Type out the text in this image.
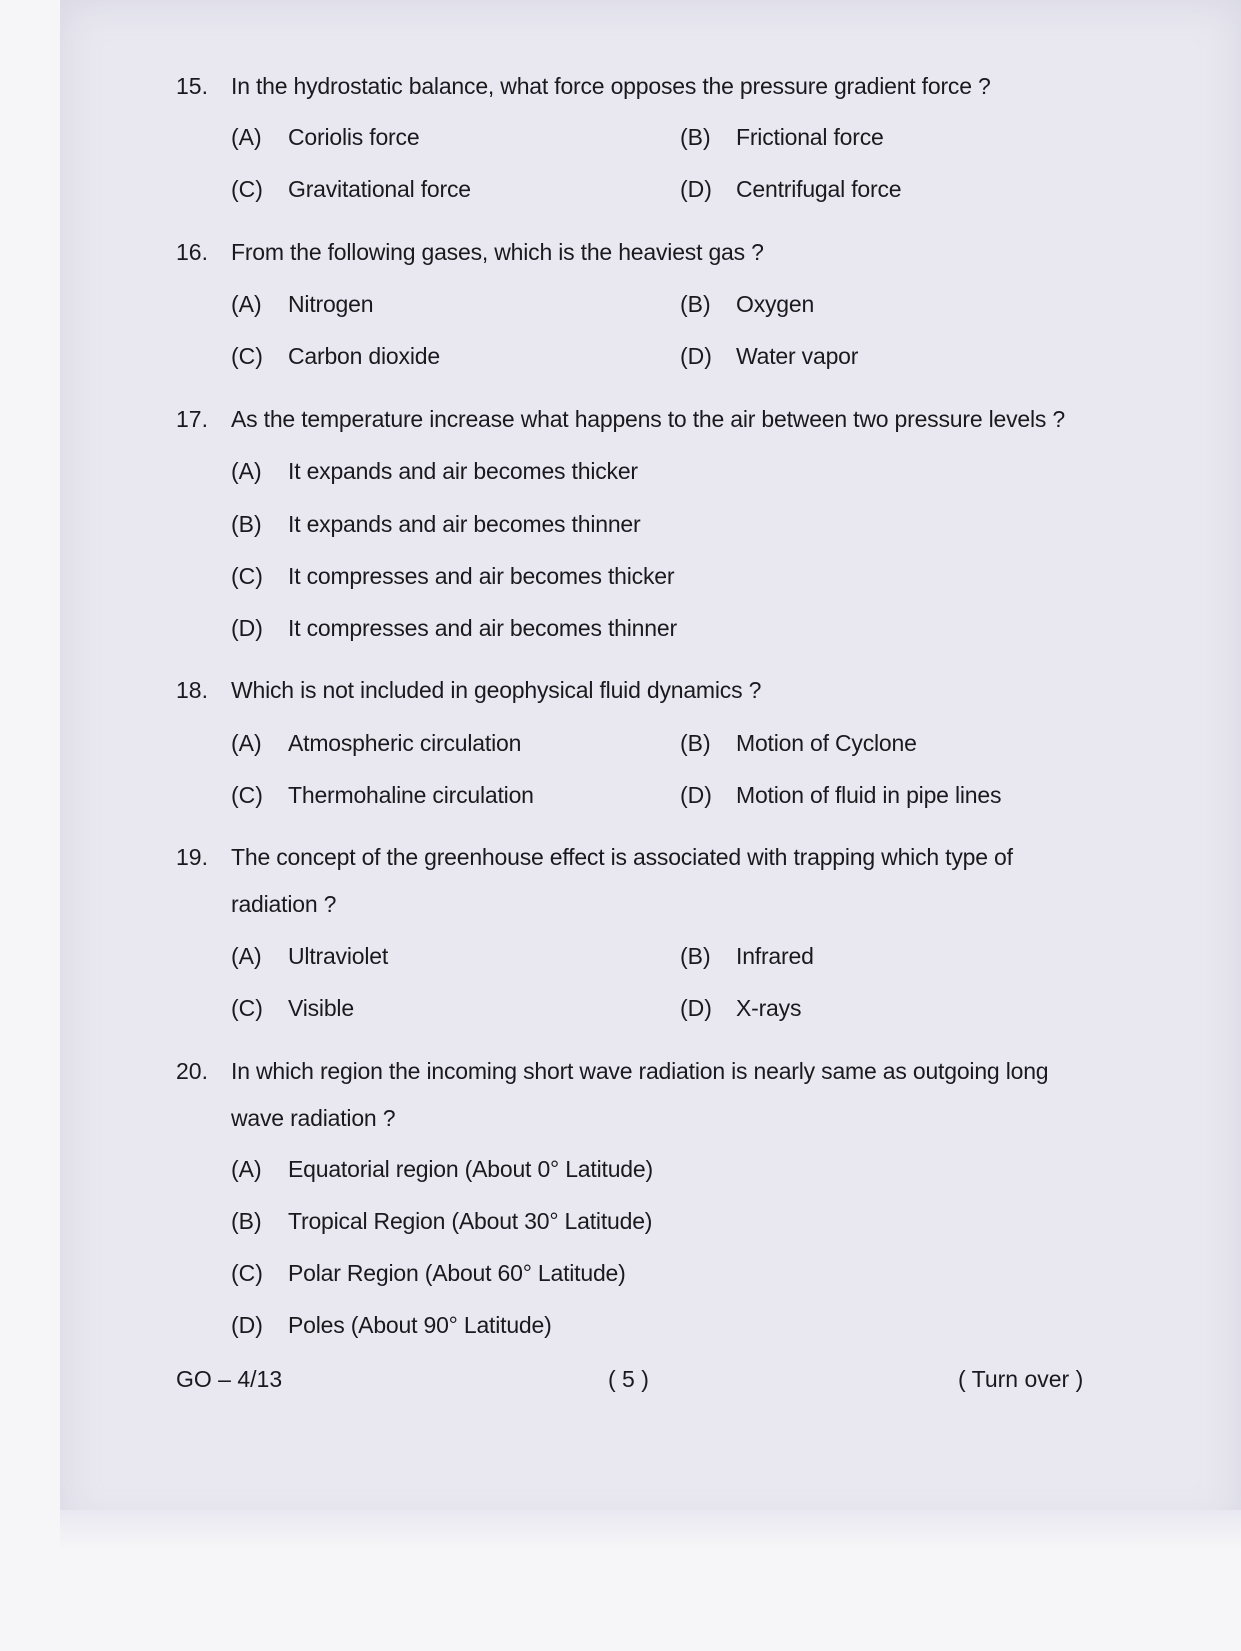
15. In the hydrostatic balance, what force opposes the pressure gradient force ?
(A) Coriolis force	(B) Frictional force
(C) Gravitational force	(D) Centrifugal force
16. From the following gases, which is the heaviest gas ?
(A) Nitrogen	(B) Oxygen
(C) Carbon dioxide	(D) Water vapor
17. As the temperature increase what happens to the air between two pressure levels ?
(A) It expands and air becomes thicker
(B) It expands and air becomes thinner
(C) It compresses and air becomes thicker
(D) It compresses and air becomes thinner
18. Which is not included in geophysical fluid dynamics ?
(A) Atmospheric circulation	(B) Motion of Cyclone
(C) Thermohaline circulation	(D) Motion of fluid in pipe lines
19. The concept of the greenhouse effect is associated with trapping which type of
radiation ?
(A) Ultraviolet	(B) Infrared
(C) Visible	(D) X-rays
20. In which region the incoming short wave radiation is nearly same as outgoing long
wave radiation ?
(A) Equatorial region (About 0° Latitude)
(B) Tropical Region (About 30° Latitude)
(C) Polar Region (About 60° Latitude)
(D) Poles (About 90° Latitude)
GO – 4/13	( 5 )	( Turn over )
